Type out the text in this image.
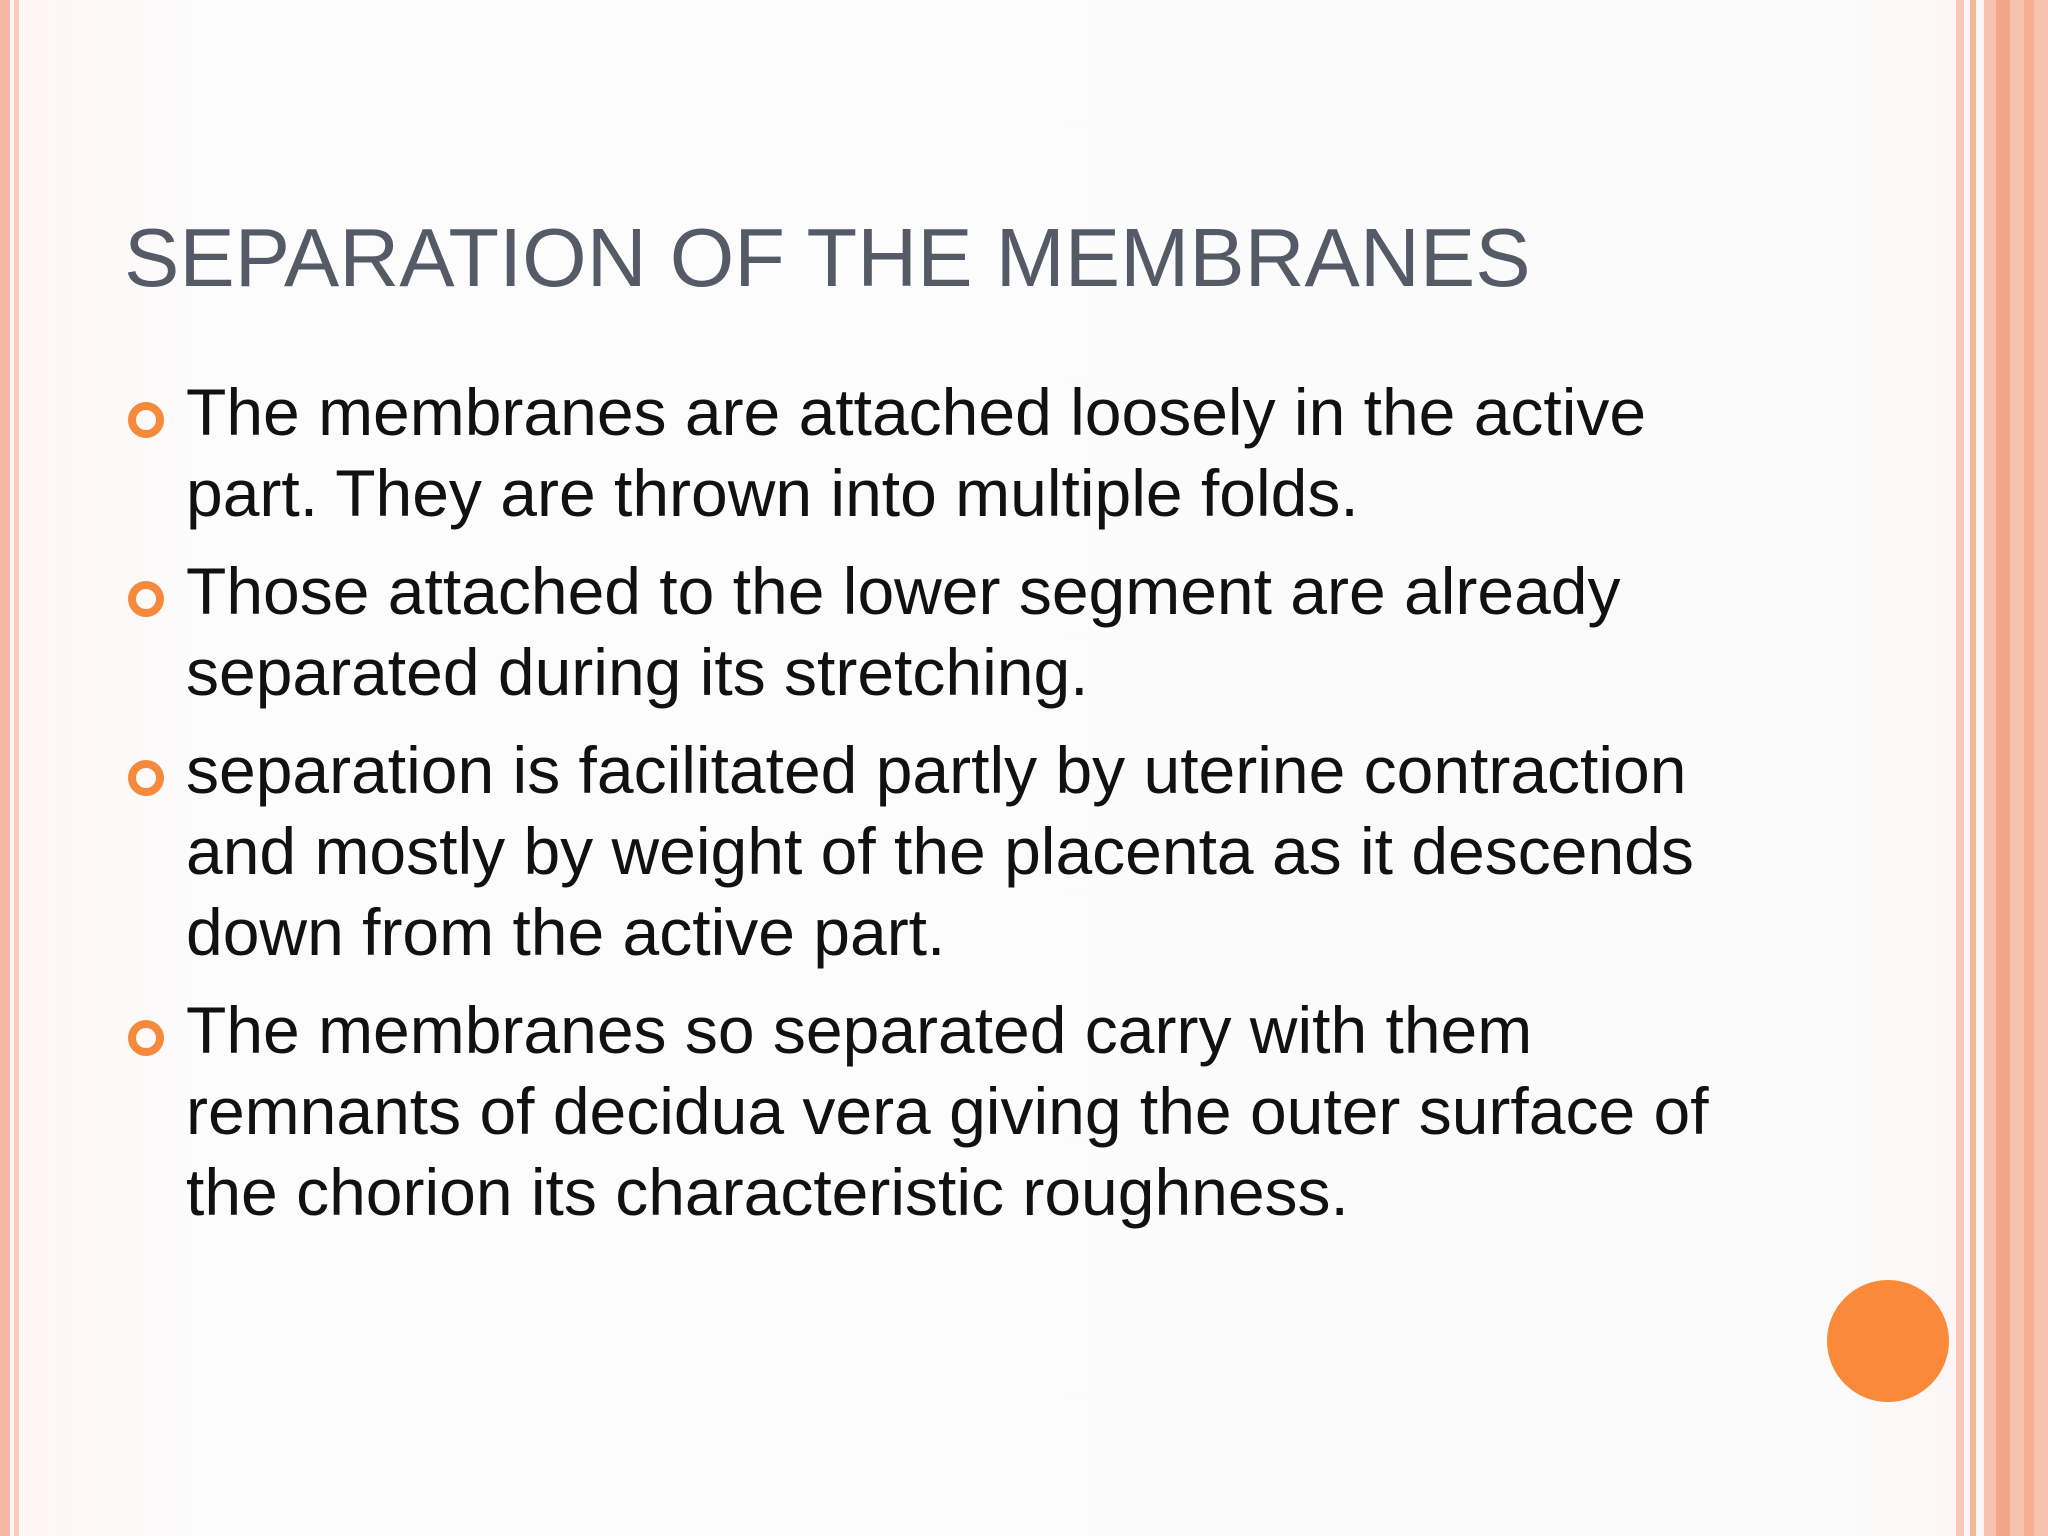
SEPARATION OF THE MEMBRANES
The membranes are attached loosely in the active part. They are thrown into multiple folds.
Those attached to the lower segment are already separated during its stretching.
separation is facilitated partly by uterine contraction and mostly by weight of the placenta as it descends down from the active part.
The membranes so separated carry with them remnants of decidua vera giving the outer surface of the chorion its characteristic roughness.
